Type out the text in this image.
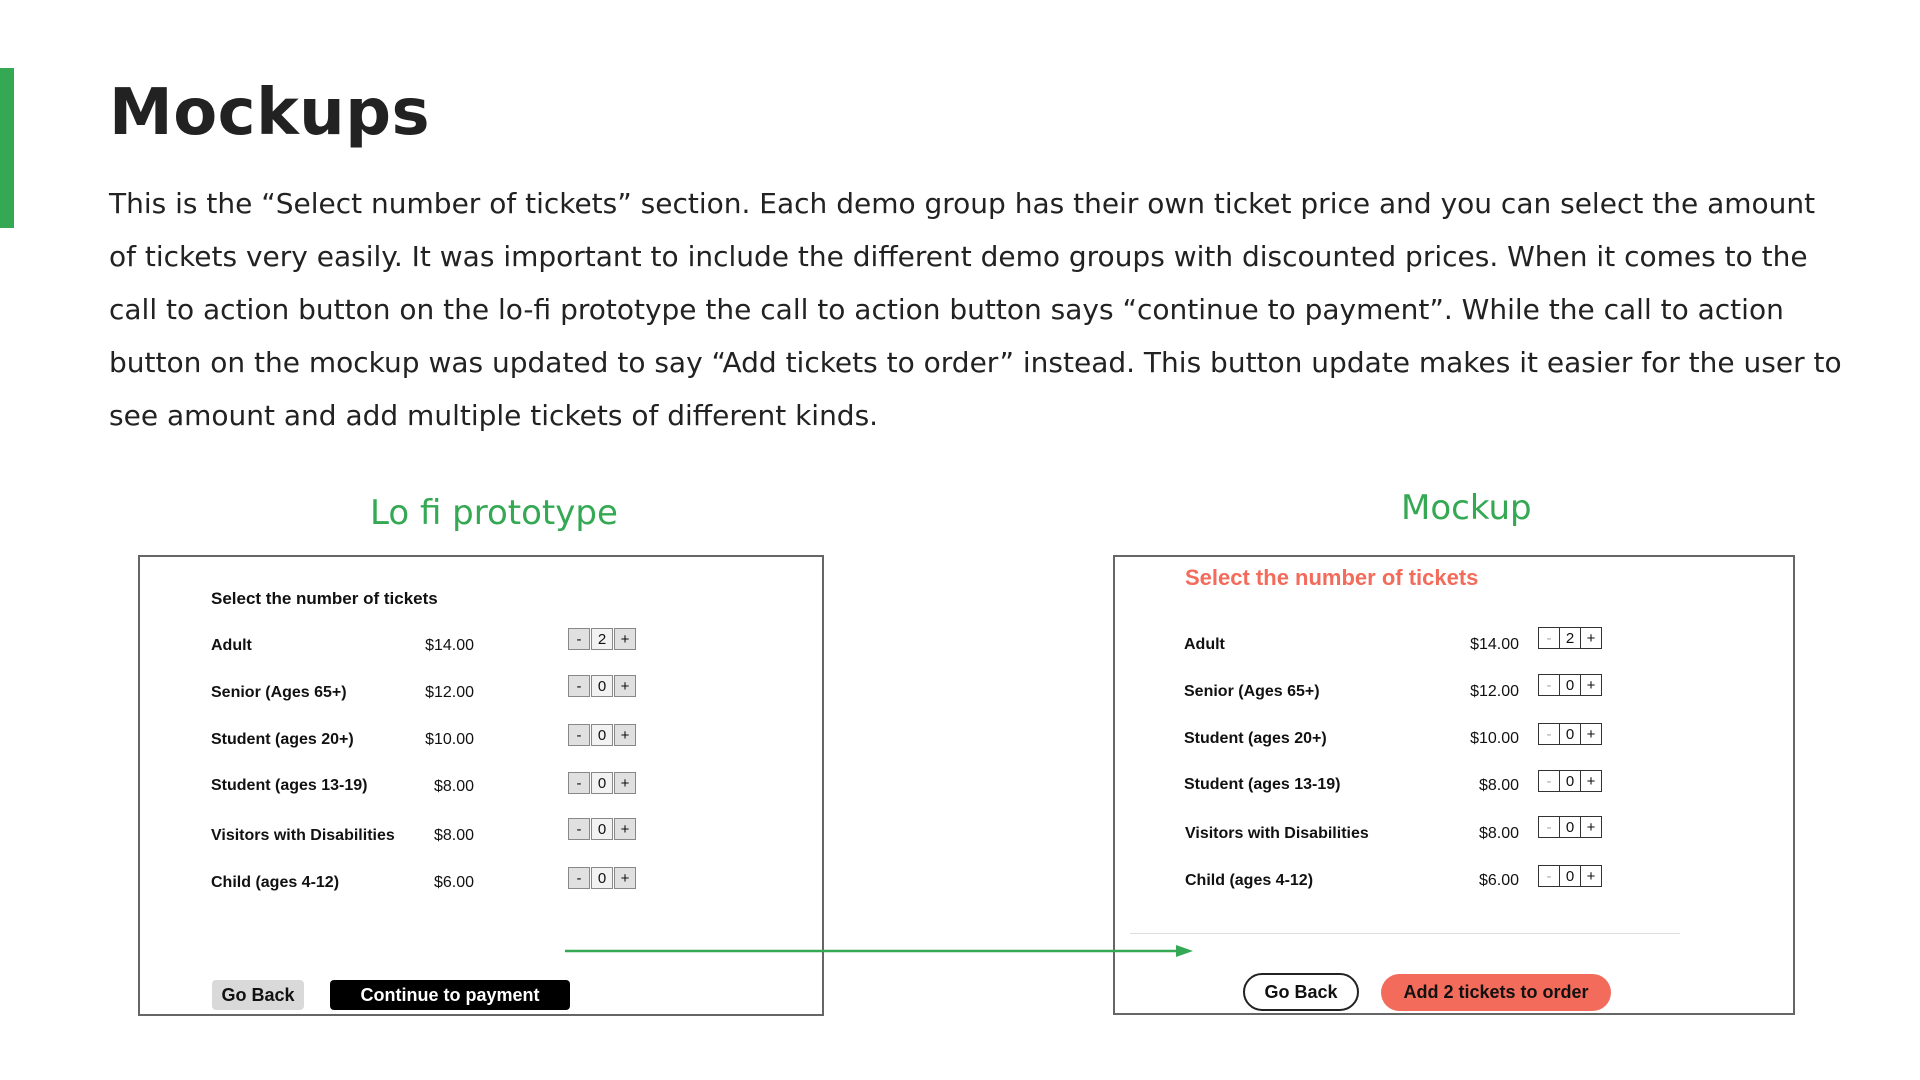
Mockups

This is the “Select number of tickets” section. Each demo group has their own ticket price and you can select the amount of tickets very easily. It was important to include the different demo groups with discounted prices. When it comes to the call to action button on the lo-fi prototype the call to action button says “continue to payment”. While the call to action button on the mockup was updated to say “Add tickets to order” instead. This button update makes it easier for the user to see amount and add multiple tickets of different kinds.

Lo fi prototype	Mockup

Select the number of tickets
Adult	$14.00	-	2 +
Senior (Ages 65+)	$12.00	-	0 +
Student (ages 20+)	$10.00	-	0 +
Student (ages 13-19)	$8.00	-	0 +
Visitors with Disabilities	$8.00	-	0 +
Child (ages 4-12)	$6.00	-	0 +
Go Back	Continue to payment
Select the number of tickets
Adult	$14.00	- 2 +
Senior (Ages 65+)	$12.00	- 0 +
Student (ages 20+)	$10.00	- 0 +
Student (ages 13-19)	$8.00	- 0 +
Visitors with Disabilities	$8.00	- 0 +
Child (ages 4-12)	$6.00	- 0 +
Go Back	Add 2 tickets to order
